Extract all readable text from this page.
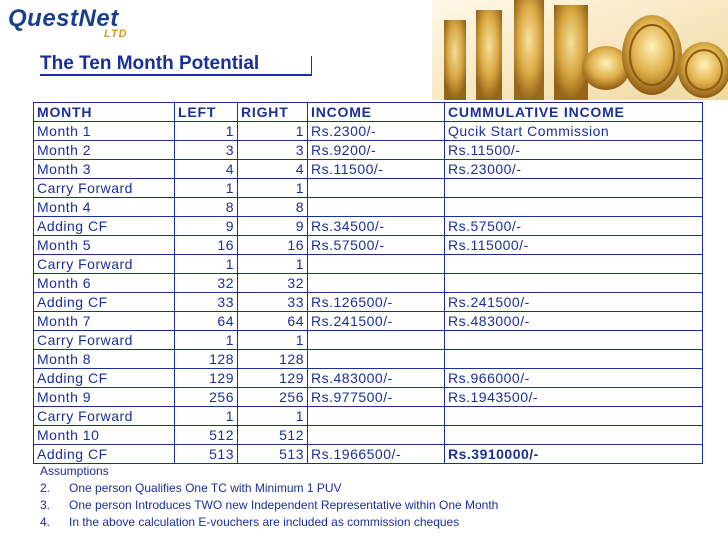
QuestNet
LTD
The Ten Month Potential
MONTH	LEFT	RIGHT	INCOME	CUMMULATIVE INCOME
Month 1	1	1	Rs.2300/-	Qucik Start Commission
Month 2	3	3	Rs.9200/-	Rs.11500/-
Month 3	4	4	Rs.11500/-	Rs.23000/-
Carry Forward	1	1		
Month 4	8	8		
Adding CF	9	9	Rs.34500/-	Rs.57500/-
Month 5	16	16	Rs.57500/-	Rs.115000/-
Carry Forward	1	1		
Month 6	32	32		
Adding CF	33	33	Rs.126500/-	Rs.241500/-
Month 7	64	64	Rs.241500/-	Rs.483000/-
Carry Forward	1	1		
Month 8	128	128		
Adding CF	129	129	Rs.483000/-	Rs.966000/-
Month 9	256	256	Rs.977500/-	Rs.1943500/-
Carry Forward	1	1		
Month 10	512	512		
Adding CF	513	513	Rs.1966500/-	Rs.3910000/-
Assumptions
2. One person Qualifies One TC with Minimum 1 PUV
3. One person Introduces TWO new Independent Representative within One Month
4. In the above calculation E-vouchers are included as commission cheques
